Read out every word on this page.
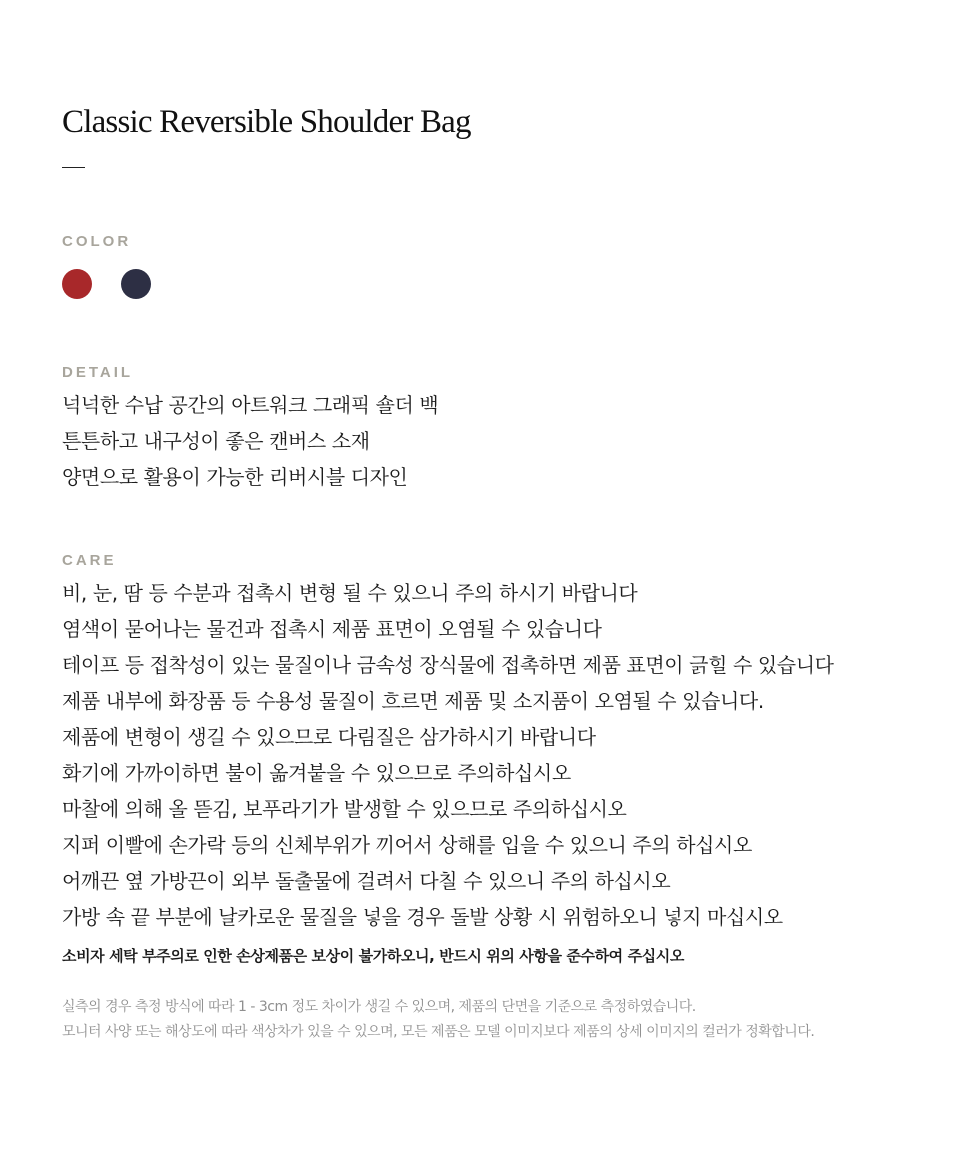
Classic Reversible Shoulder Bag
COLOR
DETAIL
넉넉한 수납 공간의 아트워크 그래픽 숄더 백
튼튼하고 내구성이 좋은 캔버스 소재
양면으로 활용이 가능한 리버시블 디자인
CARE
비, 눈, 땀 등 수분과 접촉시 변형 될 수 있으니 주의 하시기 바랍니다
염색이 묻어나는 물건과 접촉시 제품 표면이 오염될 수 있습니다
테이프 등 접착성이 있는 물질이나 금속성 장식물에 접촉하면 제품 표면이 긁힐 수 있습니다
제품 내부에 화장품 등 수용성 물질이 흐르면 제품 및 소지품이 오염될 수 있습니다.
제품에 변형이 생길 수 있으므로 다림질은 삼가하시기 바랍니다
화기에 가까이하면 불이 옮겨붙을 수 있으므로 주의하십시오
마찰에 의해 올 뜯김, 보푸라기가 발생할 수 있으므로 주의하십시오
지퍼 이빨에 손가락 등의 신체부위가 끼어서 상해를 입을 수 있으니 주의 하십시오
어깨끈 옆 가방끈이 외부 돌출물에 걸려서 다칠 수 있으니 주의 하십시오
가방 속 끝 부분에 날카로운 물질을 넣을 경우 돌발 상황 시 위험하오니 넣지 마십시오

소비자 세탁 부주의로 인한 손상제품은 보상이 불가하오니, 반드시 위의 사항을 준수하여 주십시오

실측의 경우 측정 방식에 따라 1 - 3cm 정도 차이가 생길 수 있으며, 제품의 단면을 기준으로 측정하였습니다.
모니터 사양 또는 해상도에 따라 색상차가 있을 수 있으며, 모든 제품은 모델 이미지보다 제품의 상세 이미지의 컬러가 정확합니다.
